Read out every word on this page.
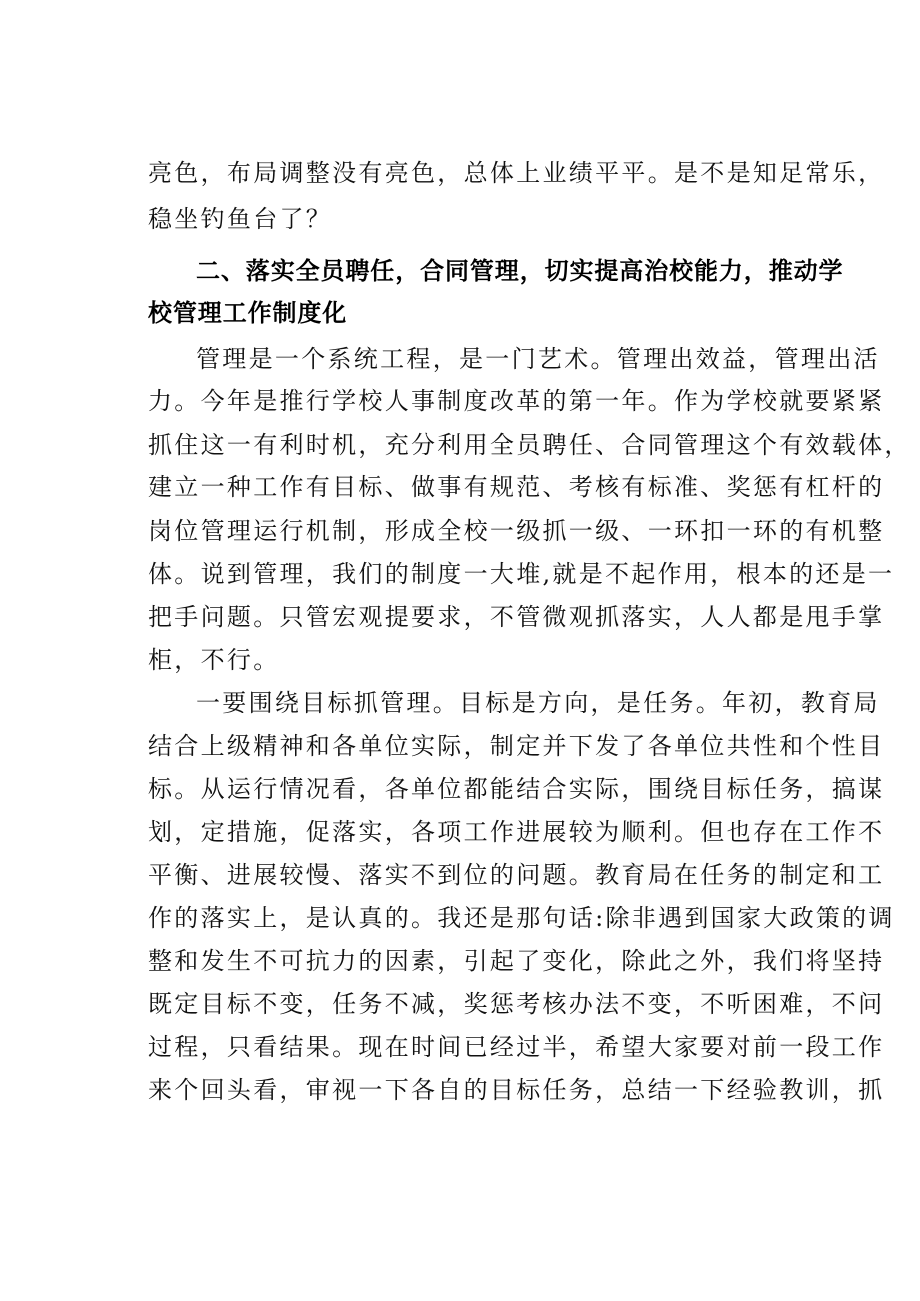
亮色，布局调整没有亮色，总体上业绩平平。是不是知足常乐，
稳坐钓鱼台了？
二、落实全员聘任，合同管理，切实提高治校能力，推动学
校管理工作制度化
管理是一个系统工程，是一门艺术。管理出效益，管理出活
力。今年是推行学校人事制度改革的第一年。作为学校就要紧紧
抓住这一有利时机，充分利用全员聘任、合同管理这个有效载体，
建立一种工作有目标、做事有规范、考核有标准、奖惩有杠杆的
岗位管理运行机制，形成全校一级抓一级、一环扣一环的有机整
体。说到管理，我们的制度一大堆,就是不起作用，根本的还是一
把手问题。只管宏观提要求，不管微观抓落实，人人都是甩手掌
柜，不行。
一要围绕目标抓管理。目标是方向，是任务。年初，教育局
结合上级精神和各单位实际，制定并下发了各单位共性和个性目
标。从运行情况看，各单位都能结合实际，围绕目标任务，搞谋
划，定措施，促落实，各项工作进展较为顺利。但也存在工作不
平衡、进展较慢、落实不到位的问题。教育局在任务的制定和工
作的落实上，是认真的。我还是那句话:除非遇到国家大政策的调
整和发生不可抗力的因素，引起了变化，除此之外，我们将坚持
既定目标不变，任务不减，奖惩考核办法不变，不听困难，不问
过程，只看结果。现在时间已经过半，希望大家要对前一段工作
来个回头看，审视一下各自的目标任务，总结一下经验教训，抓
